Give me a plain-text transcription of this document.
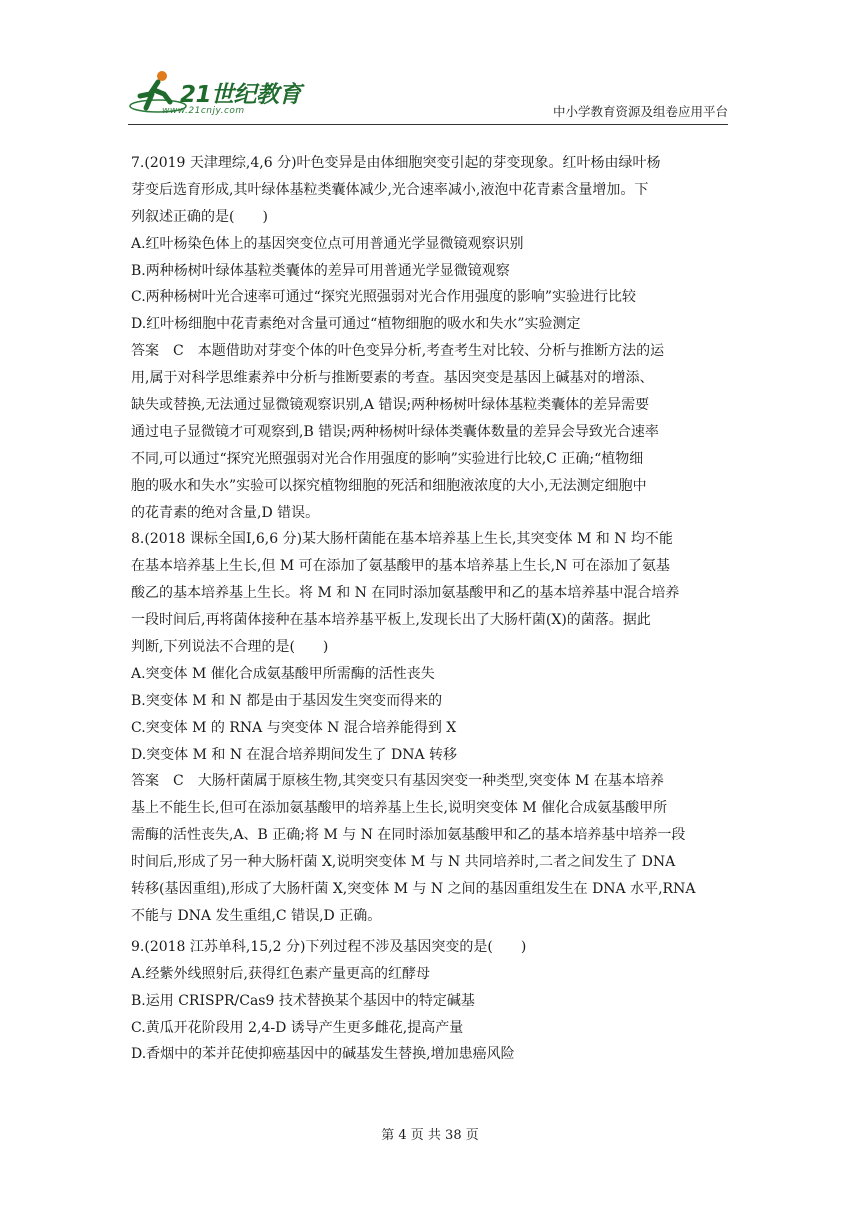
21世纪教育
www.21cnjy.com	中小学教育资源及组卷应用平台
7.(2019 天津理综,4,6 分)叶色变异是由体细胞突变引起的芽变现象。红叶杨由绿叶杨
芽变后选育形成,其叶绿体基粒类囊体减少,光合速率减小,液泡中花青素含量增加。下
列叙述正确的是(　　)
A.红叶杨染色体上的基因突变位点可用普通光学显微镜观察识别
B.两种杨树叶绿体基粒类囊体的差异可用普通光学显微镜观察
C.两种杨树叶光合速率可通过“探究光照强弱对光合作用强度的影响”实验进行比较
D.红叶杨细胞中花青素绝对含量可通过“植物细胞的吸水和失水”实验测定
答案　C　本题借助对芽变个体的叶色变异分析,考查考生对比较、分析与推断方法的运
用,属于对科学思维素养中分析与推断要素的考查。基因突变是基因上碱基对的增添、
缺失或替换,无法通过显微镜观察识别,A 错误;两种杨树叶绿体基粒类囊体的差异需要
通过电子显微镜才可观察到,B 错误;两种杨树叶绿体类囊体数量的差异会导致光合速率
不同,可以通过“探究光照强弱对光合作用强度的影响”实验进行比较,C 正确;“植物细
胞的吸水和失水”实验可以探究植物细胞的死活和细胞液浓度的大小,无法测定细胞中
的花青素的绝对含量,D 错误。
8.(2018 课标全国Ⅰ,6,6 分)某大肠杆菌能在基本培养基上生长,其突变体 M 和 N 均不能
在基本培养基上生长,但 M 可在添加了氨基酸甲的基本培养基上生长,N 可在添加了氨基
酸乙的基本培养基上生长。将 M 和 N 在同时添加氨基酸甲和乙的基本培养基中混合培养
一段时间后,再将菌体接种在基本培养基平板上,发现长出了大肠杆菌(X)的菌落。据此
判断,下列说法不合理的是(　　)
A.突变体 M 催化合成氨基酸甲所需酶的活性丧失
B.突变体 M 和 N 都是由于基因发生突变而得来的
C.突变体 M 的 RNA 与突变体 N 混合培养能得到 X
D.突变体 M 和 N 在混合培养期间发生了 DNA 转移
答案　C　大肠杆菌属于原核生物,其突变只有基因突变一种类型,突变体 M 在基本培养
基上不能生长,但可在添加氨基酸甲的培养基上生长,说明突变体 M 催化合成氨基酸甲所
需酶的活性丧失,A、B 正确;将 M 与 N 在同时添加氨基酸甲和乙的基本培养基中培养一段
时间后,形成了另一种大肠杆菌 X,说明突变体 M 与 N 共同培养时,二者之间发生了 DNA
转移(基因重组),形成了大肠杆菌 X,突变体 M 与 N 之间的基因重组发生在 DNA 水平,RNA
不能与 DNA 发生重组,C 错误,D 正确。
9.(2018 江苏单科,15,2 分)下列过程不涉及基因突变的是(　　)
A.经紫外线照射后,获得红色素产量更高的红酵母
B.运用 CRISPR/Cas9 技术替换某个基因中的特定碱基
C.黄瓜开花阶段用 2,4-D 诱导产生更多雌花,提高产量
D.香烟中的苯并芘使抑癌基因中的碱基发生替换,增加患癌风险
第 4 页 共 38 页
